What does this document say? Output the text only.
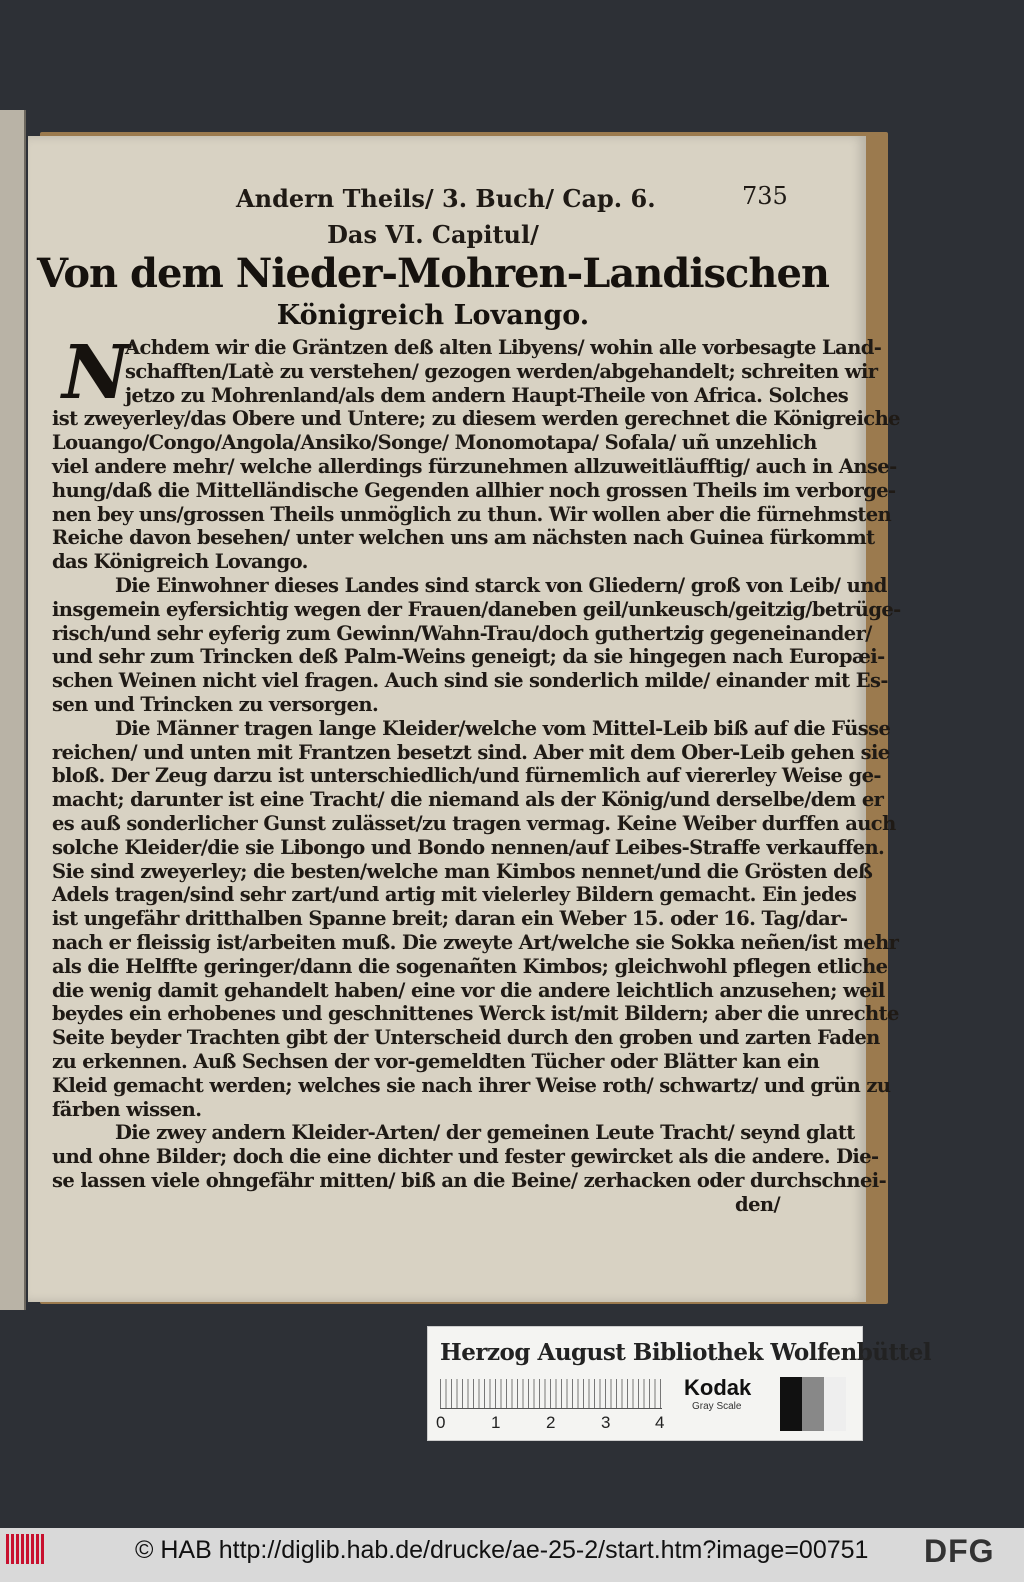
Andern Theils/ 3. Buch/ Cap. 6.	735
Das VI. Capitul/
Von dem Nieder-Mohren-Landischen
Königreich Lovango.
N
Achdem wir die Gräntzen deß alten Libyens/ wohin alle vorbesagte Land-
schafften/Latè zu verstehen/ gezogen werden/abgehandelt; schreiten wir
jetzo zu Mohrenland/als dem andern Haupt-Theile von Africa. Solches
ist zweyerley/das Obere und Untere; zu diesem werden gerechnet die Königreiche
Louango/Congo/Angola/Ansiko/Songe/ Monomotapa/ Sofala/ uñ unzehlich
viel andere mehr/ welche allerdings fürzunehmen allzuweitläufftig/ auch in Anse-
hung/daß die Mittelländische Gegenden allhier noch grossen Theils im verborge-
nen bey uns/grossen Theils unmöglich zu thun. Wir wollen aber die fürnehmsten
Reiche davon besehen/ unter welchen uns am nächsten nach Guinea fürkommt
das Königreich Lovango.
Die Einwohner dieses Landes sind starck von Gliedern/ groß von Leib/ und
insgemein eyfersichtig wegen der Frauen/daneben geil/unkeusch/geitzig/betrüge-
risch/und sehr eyferig zum Gewinn/Wahn-Trau/doch guthertzig gegeneinander/
und sehr zum Trincken deß Palm-Weins geneigt; da sie hingegen nach Europæi-
schen Weinen nicht viel fragen. Auch sind sie sonderlich milde/ einander mit Es-
sen und Trincken zu versorgen.
Die Männer tragen lange Kleider/welche vom Mittel-Leib biß auf die Füsse
reichen/ und unten mit Frantzen besetzt sind. Aber mit dem Ober-Leib gehen sie
bloß. Der Zeug darzu ist unterschiedlich/und fürnemlich auf viererley Weise ge-
macht; darunter ist eine Tracht/ die niemand als der König/und derselbe/dem er
es auß sonderlicher Gunst zulässet/zu tragen vermag. Keine Weiber durffen auch
solche Kleider/die sie Libongo und Bondo nennen/auf Leibes-Straffe verkauffen.
Sie sind zweyerley; die besten/welche man Kimbos nennet/und die Grösten deß
Adels tragen/sind sehr zart/und artig mit vielerley Bildern gemacht. Ein jedes
ist ungefähr dritthalben Spanne breit; daran ein Weber 15. oder 16. Tag/dar-
nach er fleissig ist/arbeiten muß. Die zweyte Art/welche sie Sokka neñen/ist mehr
als die Helffte geringer/dann die sogenañten Kimbos; gleichwohl pflegen etliche
die wenig damit gehandelt haben/ eine vor die andere leichtlich anzusehen; weil
beydes ein erhobenes und geschnittenes Werck ist/mit Bildern; aber die unrechte
Seite beyder Trachten gibt der Unterscheid durch den groben und zarten Faden
zu erkennen. Auß Sechsen der vor-gemeldten Tücher oder Blätter kan ein
Kleid gemacht werden; welches sie nach ihrer Weise roth/ schwartz/ und grün zu
färben wissen.
Die zwey andern Kleider-Arten/ der gemeinen Leute Tracht/ seynd glatt
und ohne Bilder; doch die eine dichter und fester gewircket als die andere. Die-
se lassen viele ohngefähr mitten/ biß an die Beine/ zerhacken oder durchschnei-
den/
Herzog August Bibliothek Wolfenbüttel
0	1	2	3	4
Kodak
Gray Scale
© HAB http://diglib.hab.de/drucke/ae-25-2/start.htm?image=00751 DFG
